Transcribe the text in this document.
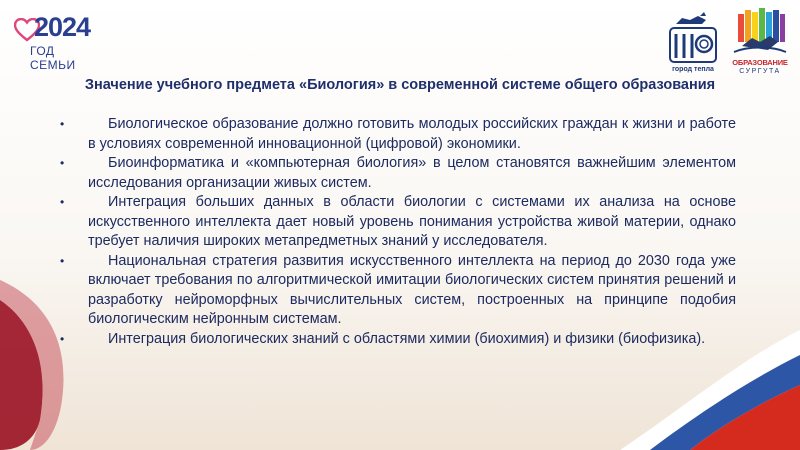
2024
ГОД СЕМЬИ	город тепла
ОБРАЗОВАНИЕ
СУРГУТА
Значение учебного предмета «Биология» в современной системе общего образования
•	Биологическое образование должно готовить молодых российских граждан к жизни и работе в условиях современной инновационной (цифровой) экономики.
•	Биоинформатика и «компьютерная биология» в целом становятся важнейшим элементом исследования организации живых систем.
•	Интеграция больших данных в области биологии с системами их анализа на основе искусственного интеллекта дает новый уровень понимания устройства живой материи, однако требует наличия широких метапредметных знаний у исследователя.
•	Национальная стратегия развития искусственного интеллекта на период до 2030 года уже включает требования по алгоритмической имитации биологических систем принятия решений и разработку нейроморфных вычислительных систем, построенных на принципе подобия биологическим нейронным системам.
•	Интеграция биологических знаний с областями химии (биохимия) и физики (биофизика).
